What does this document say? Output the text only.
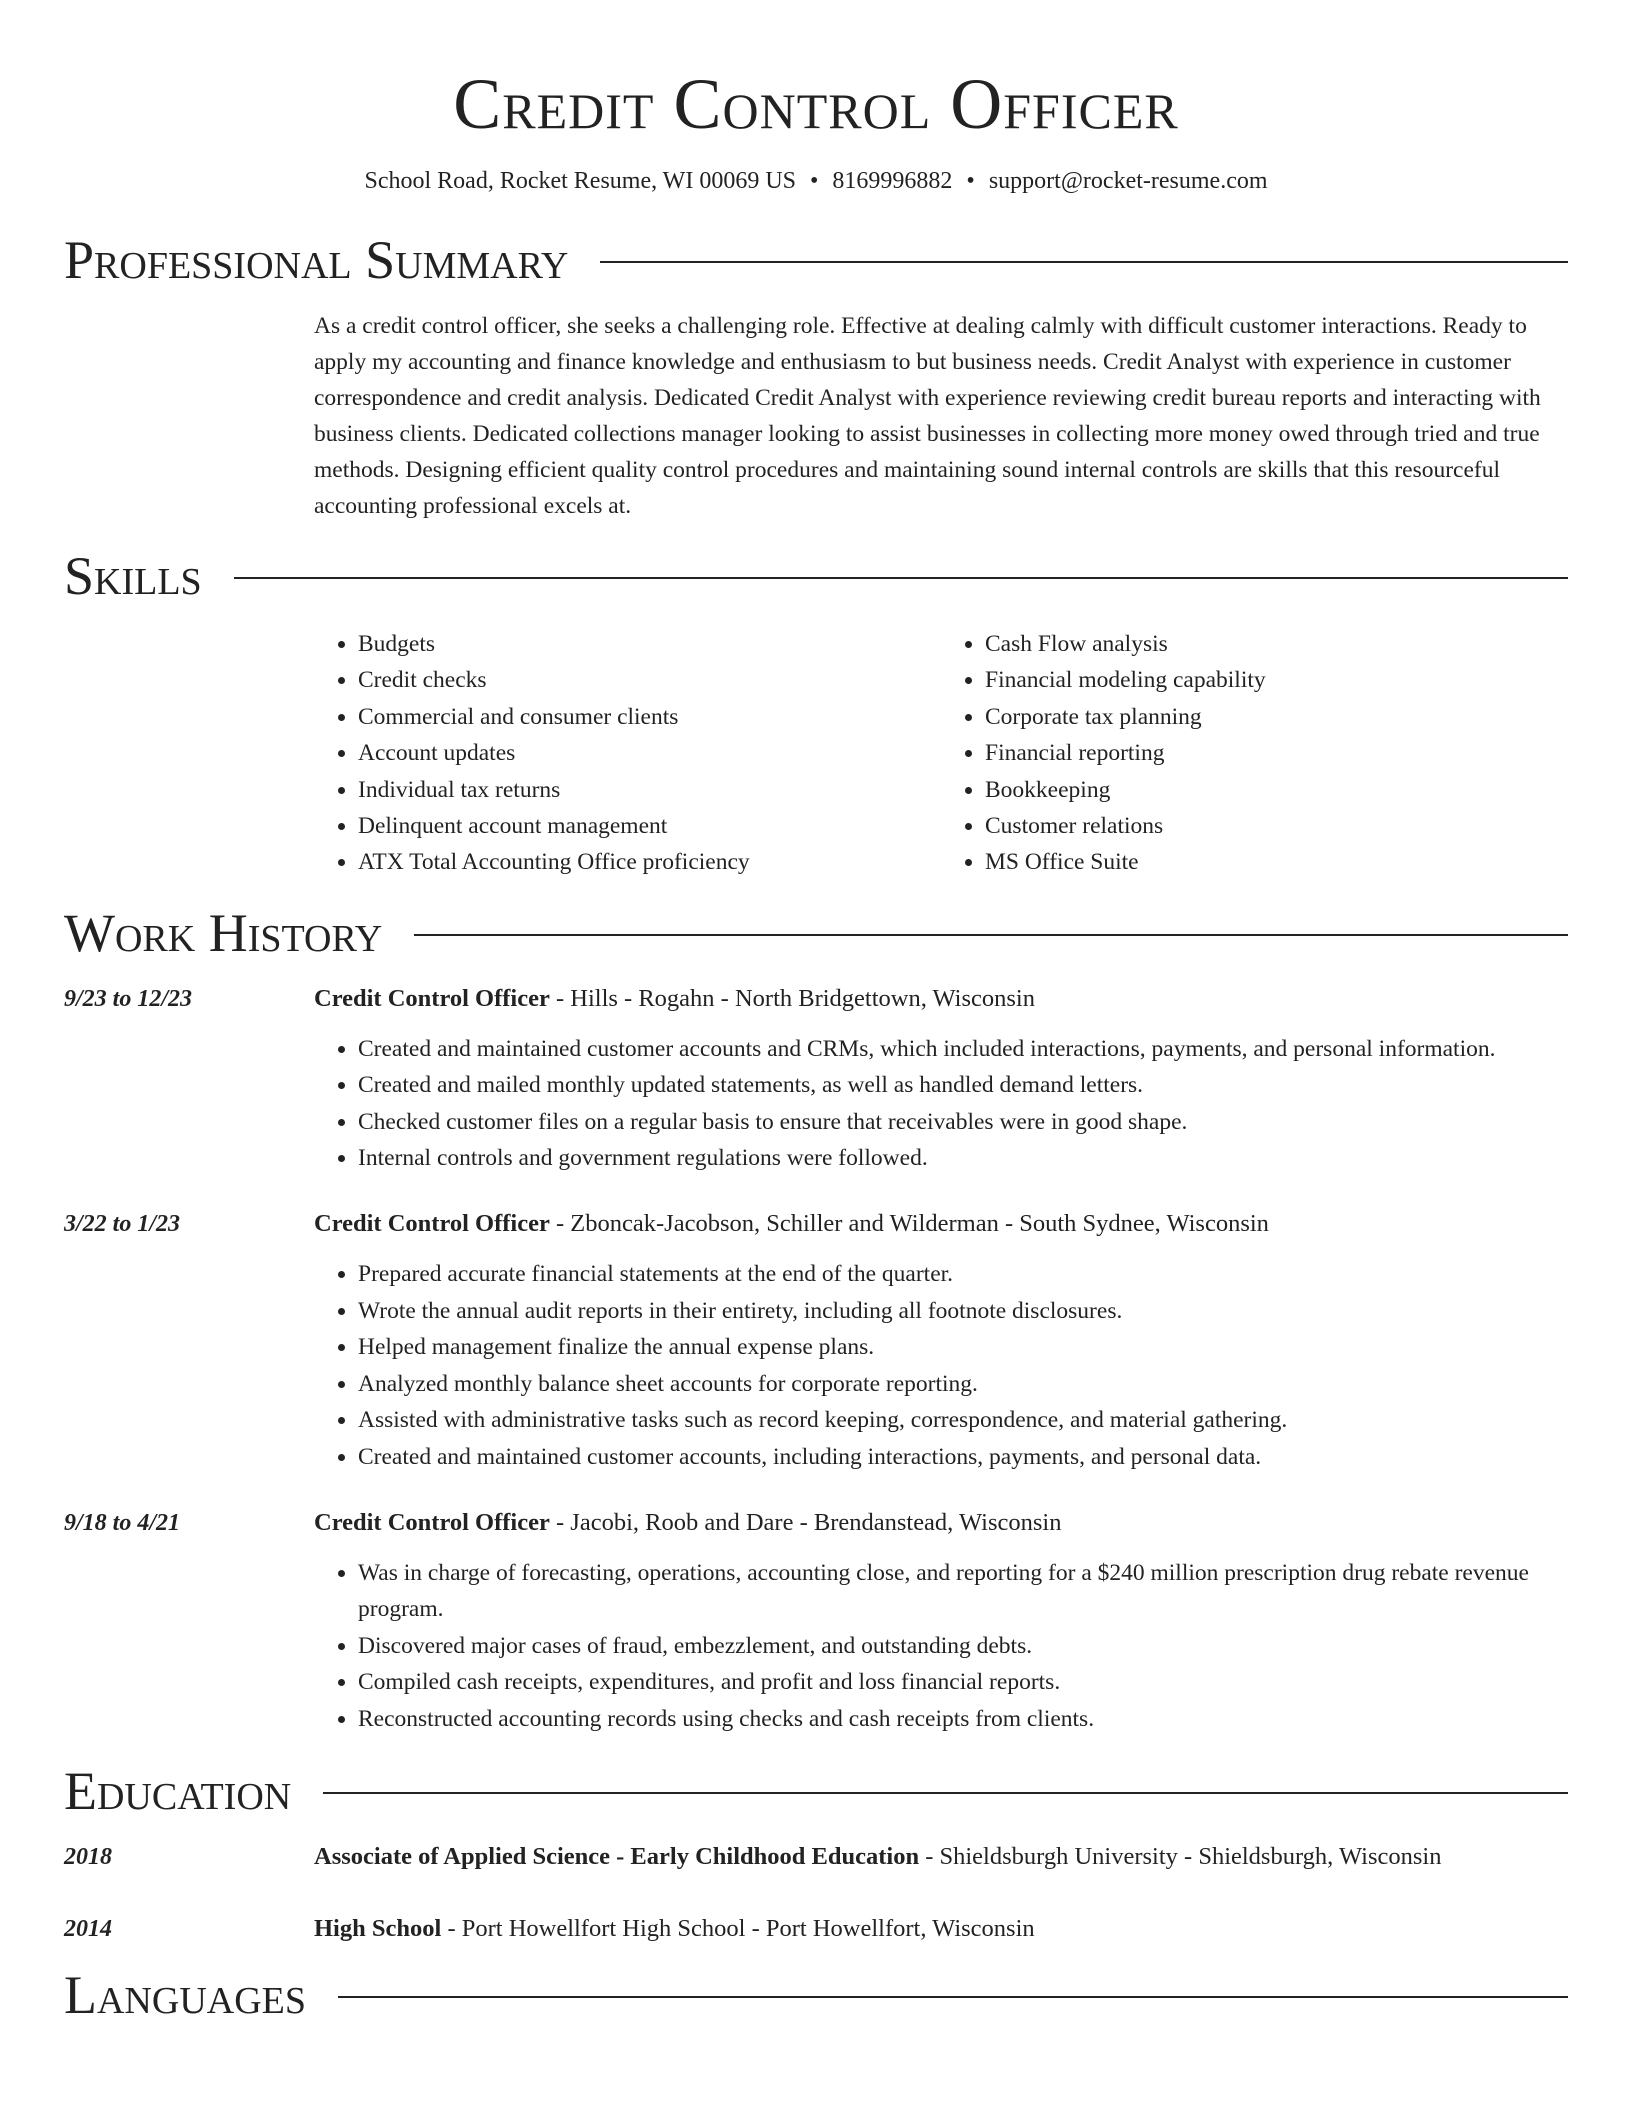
Credit Control Officer
School Road, Rocket Resume, WI 00069 US • 8169996882 • support@rocket-resume.com
Professional Summary
As a credit control officer, she seeks a challenging role. Effective at dealing calmly with difficult customer interactions. Ready to apply my accounting and finance knowledge and enthusiasm to but business needs. Credit Analyst with experience in customer correspondence and credit analysis. Dedicated Credit Analyst with experience reviewing credit bureau reports and interacting with business clients. Dedicated collections manager looking to assist businesses in collecting more money owed through tried and true methods. Designing efficient quality control procedures and maintaining sound internal controls are skills that this resourceful accounting professional excels at.
Skills
• Budgets
• Credit checks
• Commercial and consumer clients
• Account updates
• Individual tax returns
• Delinquent account management
• ATX Total Accounting Office proficiency
• Cash Flow analysis
• Financial modeling capability
• Corporate tax planning
• Financial reporting
• Bookkeeping
• Customer relations
• MS Office Suite
Work History
9/23 to 12/23	Credit Control Officer - Hills - Rogahn - North Bridgettown, Wisconsin
• Created and maintained customer accounts and CRMs, which included interactions, payments, and personal information.
• Created and mailed monthly updated statements, as well as handled demand letters.
• Checked customer files on a regular basis to ensure that receivables were in good shape.
• Internal controls and government regulations were followed.
3/22 to 1/23	Credit Control Officer - Zboncak-Jacobson, Schiller and Wilderman - South Sydnee, Wisconsin
• Prepared accurate financial statements at the end of the quarter.
• Wrote the annual audit reports in their entirety, including all footnote disclosures.
• Helped management finalize the annual expense plans.
• Analyzed monthly balance sheet accounts for corporate reporting.
• Assisted with administrative tasks such as record keeping, correspondence, and material gathering.
• Created and maintained customer accounts, including interactions, payments, and personal data.
9/18 to 4/21	Credit Control Officer - Jacobi, Roob and Dare - Brendanstead, Wisconsin
• Was in charge of forecasting, operations, accounting close, and reporting for a $240 million prescription drug rebate revenue program.
• Discovered major cases of fraud, embezzlement, and outstanding debts.
• Compiled cash receipts, expenditures, and profit and loss financial reports.
• Reconstructed accounting records using checks and cash receipts from clients.
Education
2018	Associate of Applied Science - Early Childhood Education - Shieldsburgh University - Shieldsburgh, Wisconsin
2014	High School - Port Howellfort High School - Port Howellfort, Wisconsin
Languages
